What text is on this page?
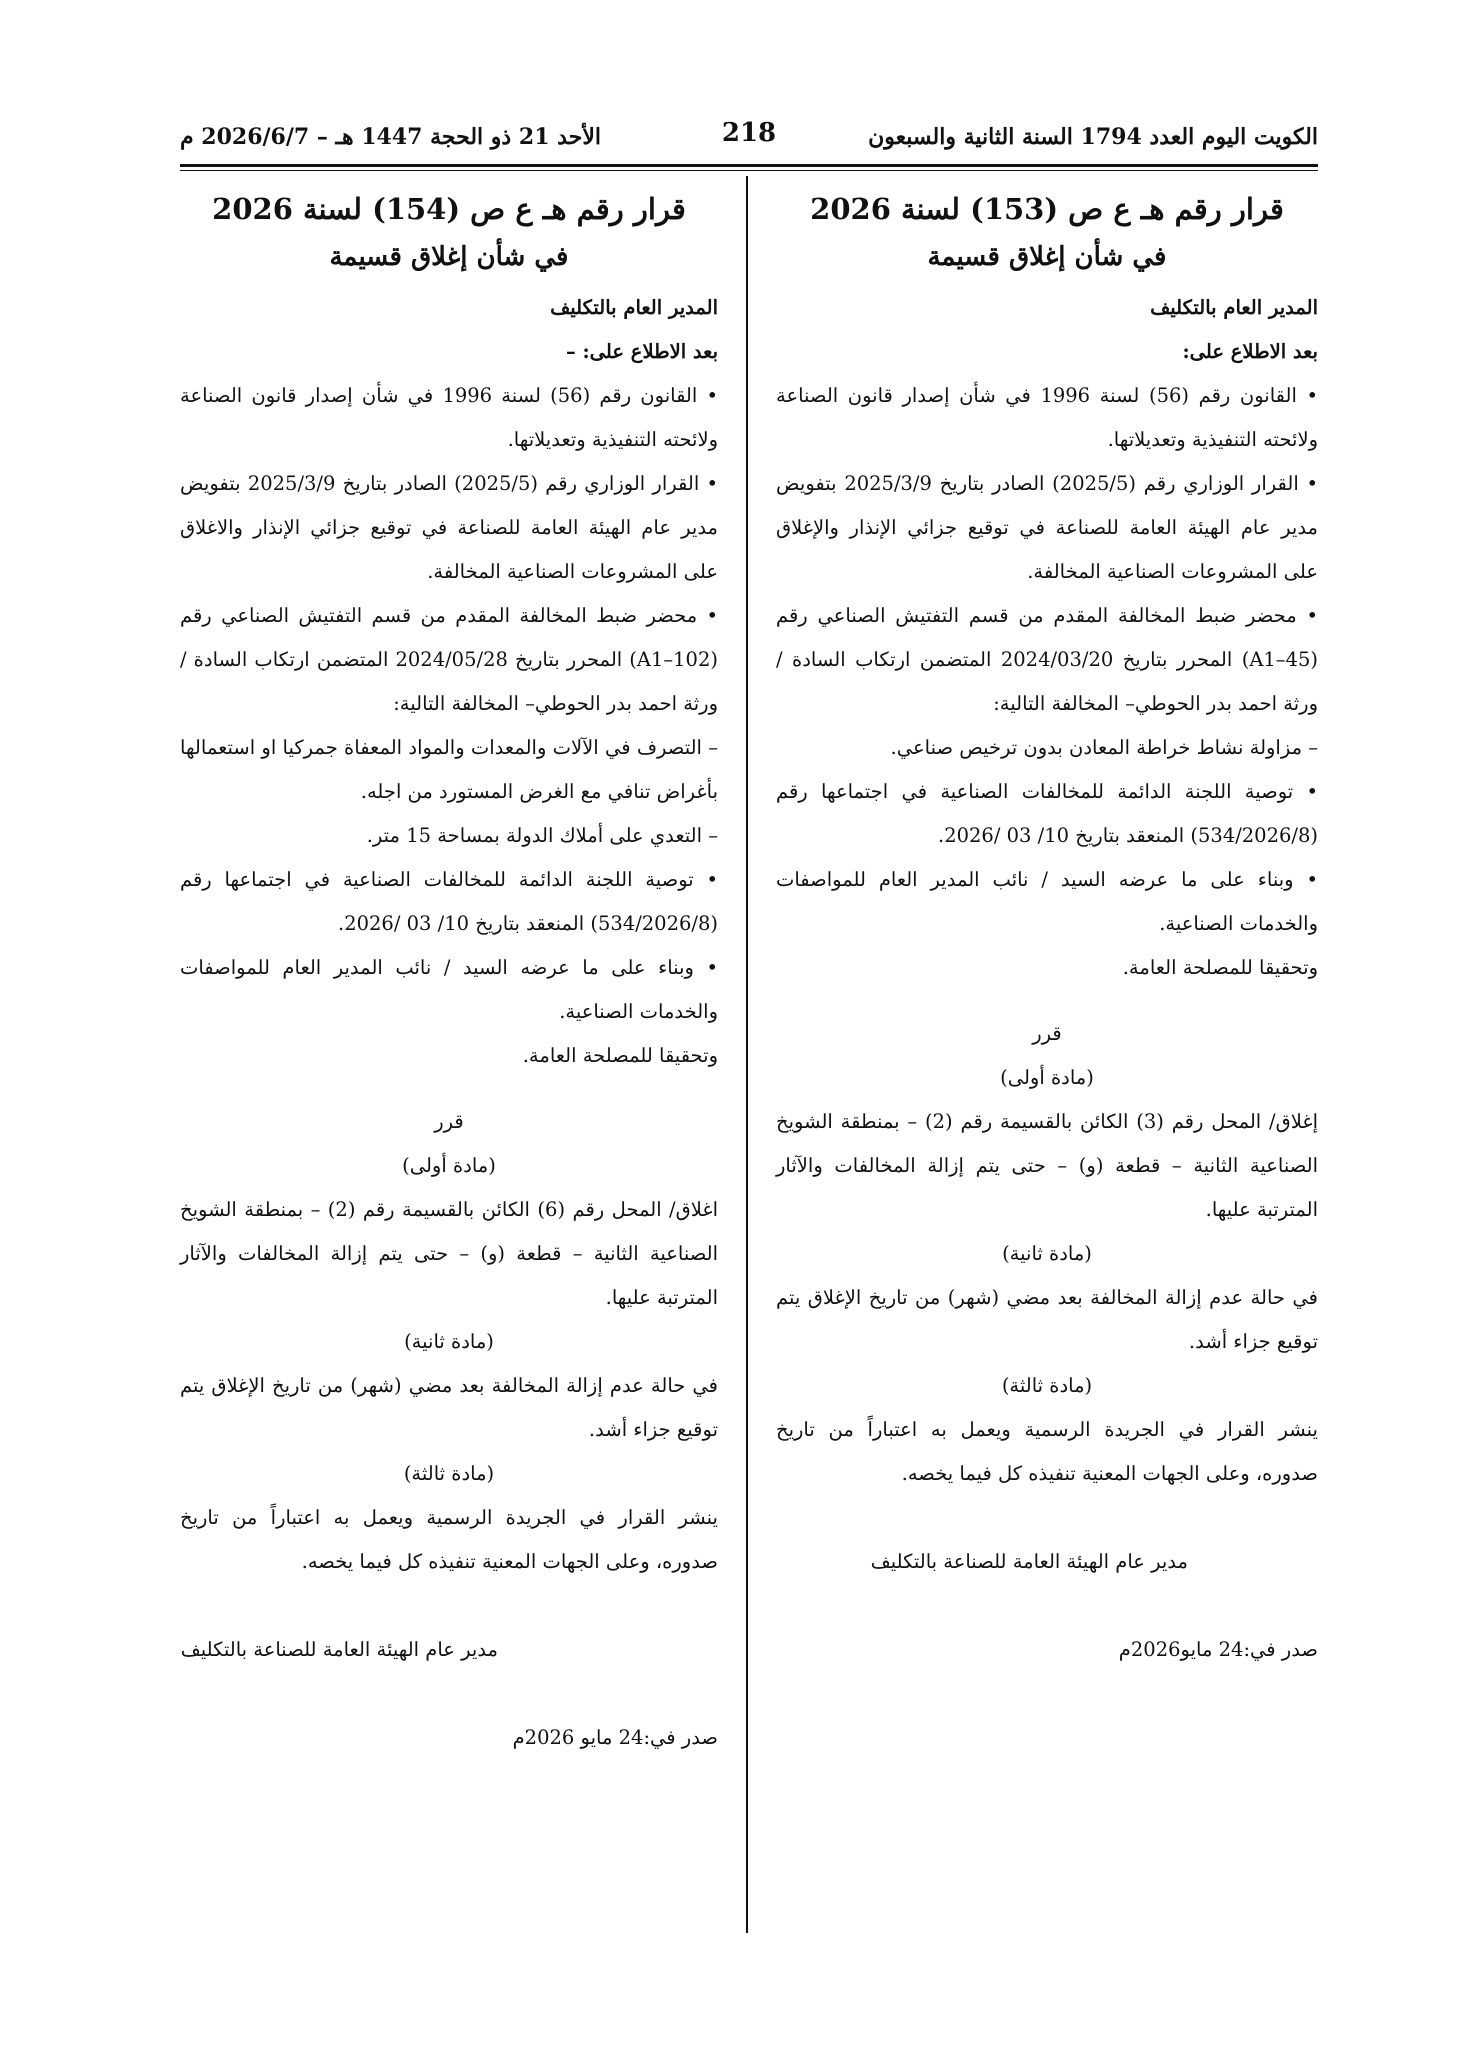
الكويت اليوم العدد 1794 السنة الثانية والسبعون
218
الأحد 21 ذو الحجة 1447 هـ – 2026/6/7 م
قرار رقم هـ ع ص (153) لسنة 2026
في شأن إغلاق قسيمة

المدير العام بالتكليف

بعد الاطلاع على:

• القانون رقم (56) لسنة 1996 في شأن إصدار قانون الصناعة ولائحته التنفيذية وتعديلاتها.
• القرار الوزاري رقم (2025/5) الصادر بتاريخ 2025/3/9 بتفويض مدير عام الهيئة العامة للصناعة في توقيع جزائي الإنذار والإغلاق على المشروعات الصناعية المخالفة.
• محضر ضبط المخالفة المقدم من قسم التفتيش الصناعي رقم (A1–45) المحرر بتاريخ 2024/03/20 المتضمن ارتكاب السادة / ورثة احمد بدر الحوطي– المخالفة التالية:
– مزاولة نشاط خراطة المعادن بدون ترخيص صناعي.
• توصية اللجنة الدائمة للمخالفات الصناعية في اجتماعها رقم (534/2026/8) المنعقد بتاريخ 10/ 03 /2026.
• وبناء على ما عرضه السيد / نائب المدير العام للمواصفات والخدمات الصناعية.

وتحقيقا للمصلحة العامة.

قرر

(مادة أولى)

إغلاق/ المحل رقم (3) الكائن بالقسيمة رقم (2) – بمنطقة الشويخ الصناعية الثانية – قطعة (و) – حتى يتم إزالة المخالفات والآثار المترتبة عليها.

(مادة ثانية)

في حالة عدم إزالة المخالفة بعد مضي (شهر) من تاريخ الإغلاق يتم توقيع جزاء أشد.

(مادة ثالثة)

ينشر القرار في الجريدة الرسمية ويعمل به اعتباراً من تاريخ صدوره، وعلى الجهات المعنية تنفيذه كل فيما يخصه.

مدير عام الهيئة العامة للصناعة بالتكليف

صدر في:24 مايو2026م

قرار رقم هـ ع ص (154) لسنة 2026
في شأن إغلاق قسيمة

المدير العام بالتكليف

بعد الاطلاع على: –

• القانون رقم (56) لسنة 1996 في شأن إصدار قانون الصناعة ولائحته التنفيذية وتعديلاتها.
• القرار الوزاري رقم (2025/5) الصادر بتاريخ 2025/3/9 بتفويض مدير عام الهيئة العامة للصناعة في توقيع جزائي الإنذار والاغلاق على المشروعات الصناعية المخالفة.
• محضر ضبط المخالفة المقدم من قسم التفتيش الصناعي رقم (A1–102) المحرر بتاريخ 2024/05/28 المتضمن ارتكاب السادة / ورثة احمد بدر الحوطي– المخالفة التالية:
– التصرف في الآلات والمعدات والمواد المعفاة جمركيا او استعمالها بأغراض تنافي مع الغرض المستورد من اجله.
– التعدي على أملاك الدولة بمساحة 15 متر.
• توصية اللجنة الدائمة للمخالفات الصناعية في اجتماعها رقم (534/2026/8) المنعقد بتاريخ 10/ 03 /2026.
• وبناء على ما عرضه السيد / نائب المدير العام للمواصفات والخدمات الصناعية.

وتحقيقا للمصلحة العامة.

قرر

(مادة أولى)

اغلاق/ المحل رقم (6) الكائن بالقسيمة رقم (2) – بمنطقة الشويخ الصناعية الثانية – قطعة (و) – حتى يتم إزالة المخالفات والآثار المترتبة عليها.

(مادة ثانية)

في حالة عدم إزالة المخالفة بعد مضي (شهر) من تاريخ الإغلاق يتم توقيع جزاء أشد.

(مادة ثالثة)

ينشر القرار في الجريدة الرسمية ويعمل به اعتباراً من تاريخ صدوره، وعلى الجهات المعنية تنفيذه كل فيما يخصه.

مدير عام الهيئة العامة للصناعة بالتكليف

صدر في:24 مايو 2026م
